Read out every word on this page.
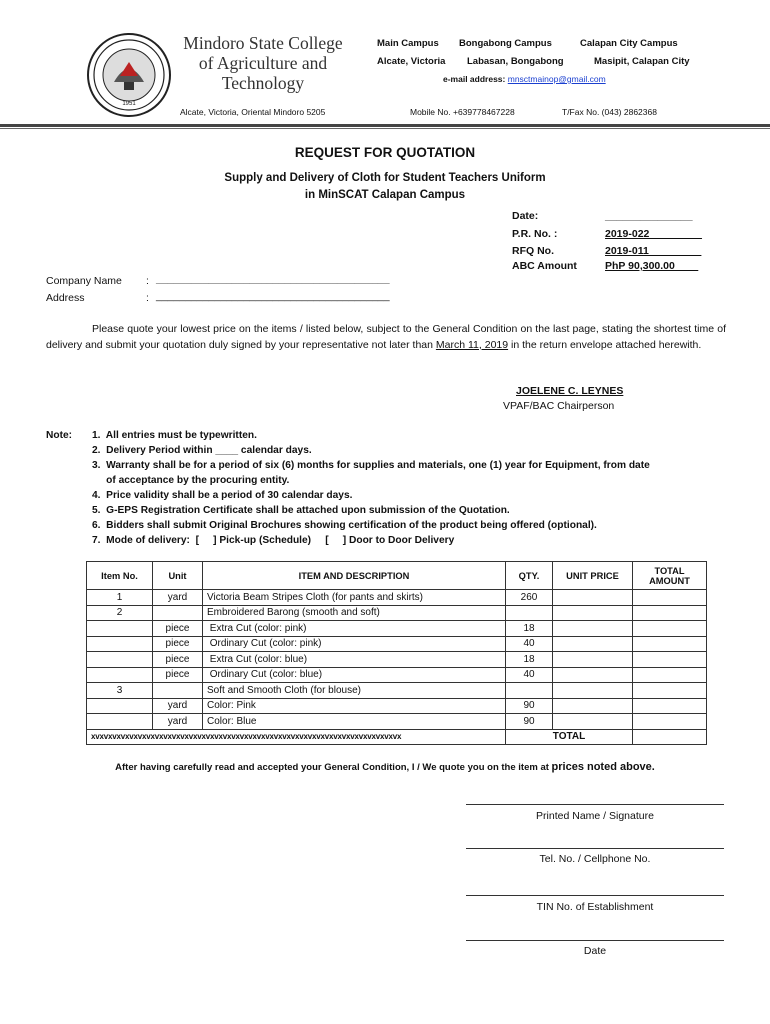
1951
Mindoro State College
of Agriculture and
Technology
Main Campus Bongabong Campus	Calapan City Campus
Alcate, Victoria Labasan, Bongabong	Masipit, Calapan City
e-mail address: mnsctmainop@gmail.com
Alcate, Victoria, Oriental Mindoro 5205	Mobile No. +639778467228	T/Fax No. (043) 2862368
REQUEST FOR QUOTATION
Supply and Delivery of Cloth for Student Teachers Uniform
in MinSCAT Calapan Campus
Date:	_______________
P.R. No. :	2019-022_________
RFQ No.	2019-011_________
ABC Amount	PhP 90,300.00____
Company Name : ________________________________________
Address	: ________________________________________
Please quote your lowest price on the items / listed below, subject to the General Condition on the last page, stating the shortest time of delivery and submit your quotation duly signed by your representative not later than March 11, 2019 in the return envelope attached herewith.
JOELENE C. LEYNES
VPAF/BAC Chairperson
Note: 1.  All entries must be typewritten.
2.  Delivery Period within ____ calendar days.
3.  Warranty shall be for a period of six (6) months for supplies and materials, one (1) year for Equipment, from date
of acceptance by the procuring entity.
4.  Price validity shall be a period of 30 calendar days.
5.  G-EPS Registration Certificate shall be attached upon submission of the Quotation.
6.  Bidders shall submit Original Brochures showing certification of the product being offered (optional).
7.  Mode of delivery:  [     ] Pick-up (Schedule)     [     ] Door to Door Delivery
Item No.	Unit	ITEM AND DESCRIPTION	QTY.	UNIT PRICE	TOTAL AMOUNT
1	yard	Victoria Beam Stripes Cloth (for pants and skirts)	260		
2		Embroidered Barong (smooth and soft)			
	piece	Extra Cut (color: pink)	18		
	piece	Ordinary Cut (color: pink)	40		
	piece	Extra Cut (color: blue)	18		
	piece	Ordinary Cut (color: blue)	40		
3		Soft and Smooth Cloth (for blouse)			
	yard	Color: Pink	90		
	yard	Color: Blue	90		
xvxvxvxvxvxvxvxvxvxvxvxvxvxvxvxvxvxvxvxvxvxvxvxvxvxvxvxvxvxvxvxvxvxvxvxvx			TOTAL		
After having carefully read and accepted your General Condition, I / We quote you on the item at prices noted above.
Printed Name / Signature
Tel. No. / Cellphone No.
TIN No. of Establishment
Date
